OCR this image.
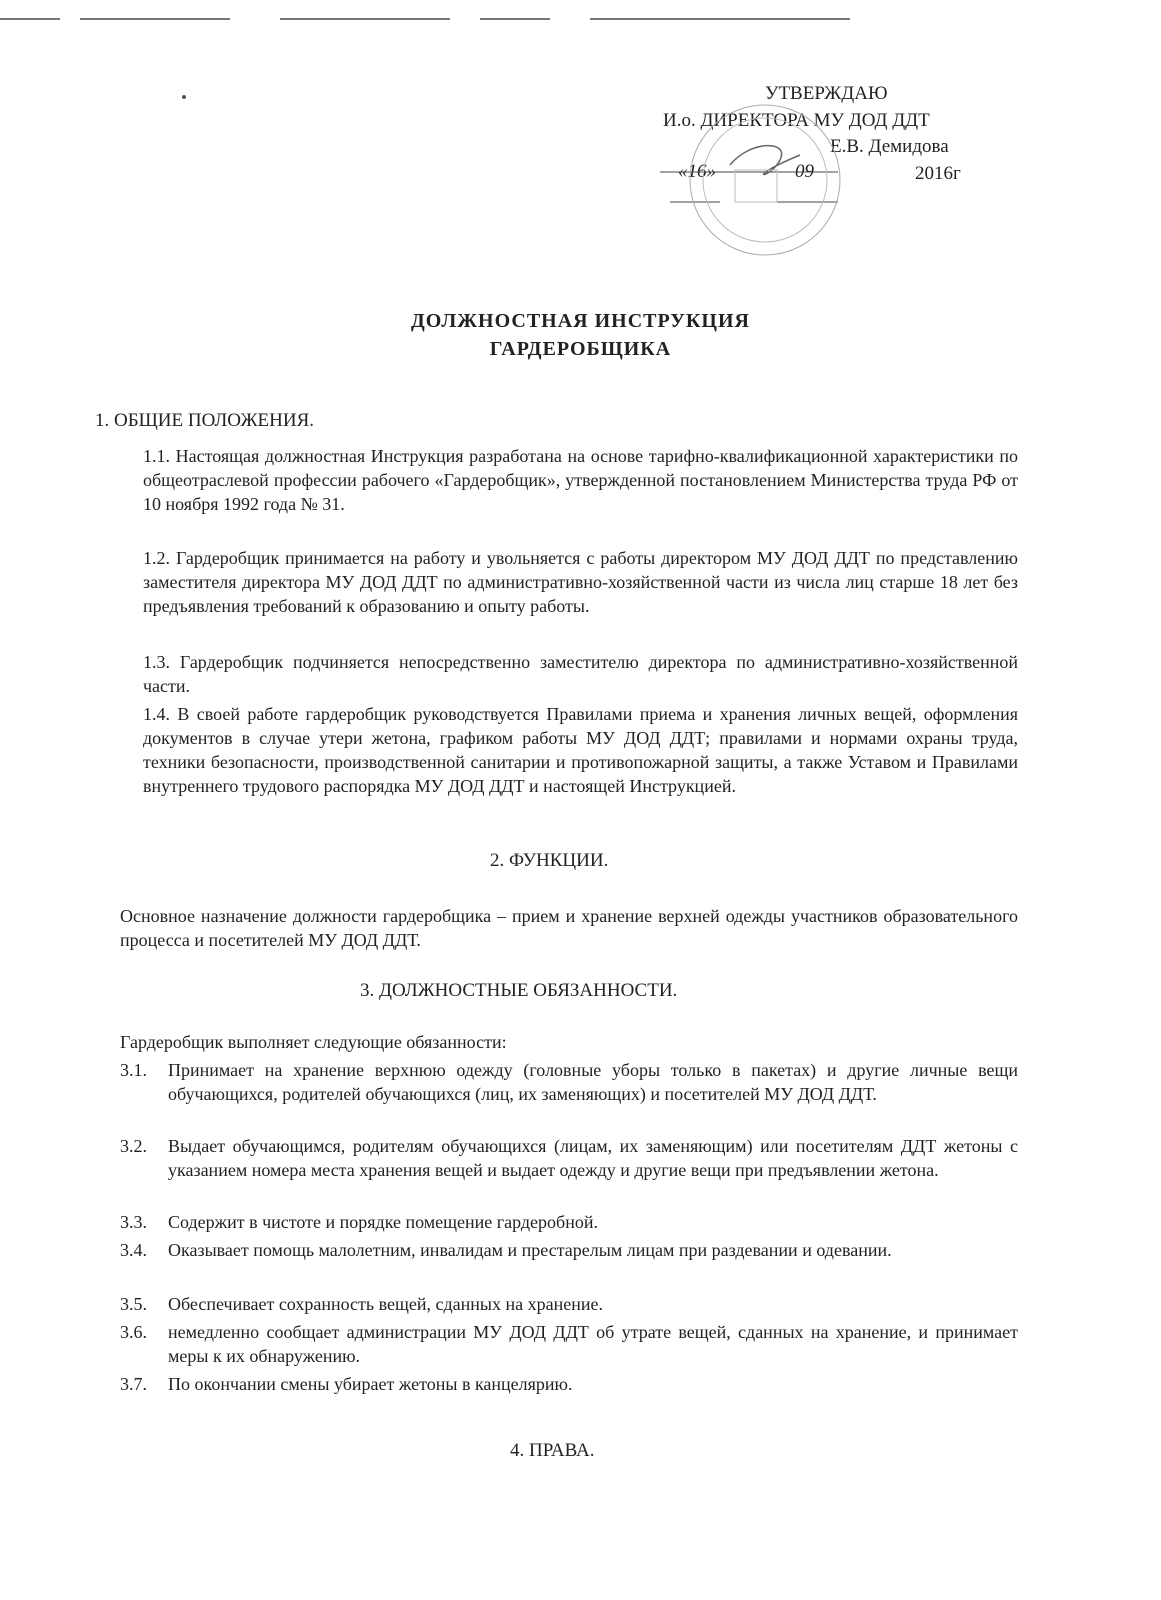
УТВЕРЖДАЮ
И.о. ДИРЕКТОРА МУ ДОД ДДТ
Е.В. Демидова
«16»	09	2016г
ДОЛЖНОСТНАЯ ИНСТРУКЦИЯ
ГАРДЕРОБЩИКА
1. ОБЩИЕ ПОЛОЖЕНИЯ.
1.1. Настоящая должностная Инструкция разработана на основе тарифно-квалификационной характеристики по общеотраслевой профессии рабочего «Гардеробщик», утвержденной постановлением Министерства труда РФ от 10 ноября 1992 года № 31.
1.2. Гардеробщик принимается на работу и увольняется с работы директором МУ ДОД ДДТ по представлению заместителя директора МУ ДОД ДДТ по административно-хозяйственной части из числа лиц старше 18 лет без предъявления требований к образованию и опыту работы.
1.3. Гардеробщик подчиняется непосредственно заместителю директора по административно-хозяйственной части.
1.4. В своей работе гардеробщик руководствуется Правилами приема и хранения личных вещей, оформления документов в случае утери жетона, графиком работы МУ ДОД ДДТ; правилами и нормами охраны труда, техники безопасности, производственной санитарии и противопожарной защиты, а также Уставом и Правилами внутреннего трудового распорядка МУ ДОД ДДТ и настоящей Инструкцией.
2. ФУНКЦИИ.
Основное назначение должности гардеробщика – прием и хранение верхней одежды участников образовательного процесса и посетителей МУ ДОД ДДТ.
3. ДОЛЖНОСТНЫЕ ОБЯЗАННОСТИ.
Гардеробщик выполняет следующие обязанности:
3.1. Принимает на хранение верхнюю одежду (головные уборы только в пакетах) и другие личные вещи обучающихся, родителей обучающихся (лиц, их заменяющих) и посетителей МУ ДОД ДДТ.
3.2. Выдает обучающимся, родителям обучающихся (лицам, их заменяющим) или посетителям ДДТ жетоны с указанием номера места хранения вещей и выдает одежду и другие вещи при предъявлении жетона.
3.3. Содержит в чистоте и порядке помещение гардеробной.
3.4. Оказывает помощь малолетним, инвалидам и престарелым лицам при раздевании и одевании.
3.5. Обеспечивает сохранность вещей, сданных на хранение.
3.6. немедленно сообщает администрации МУ ДОД ДДТ об утрате вещей, сданных на хранение, и принимает меры к их обнаружению.
3.7. По окончании смены убирает жетоны в канцелярию.
4. ПРАВА.
